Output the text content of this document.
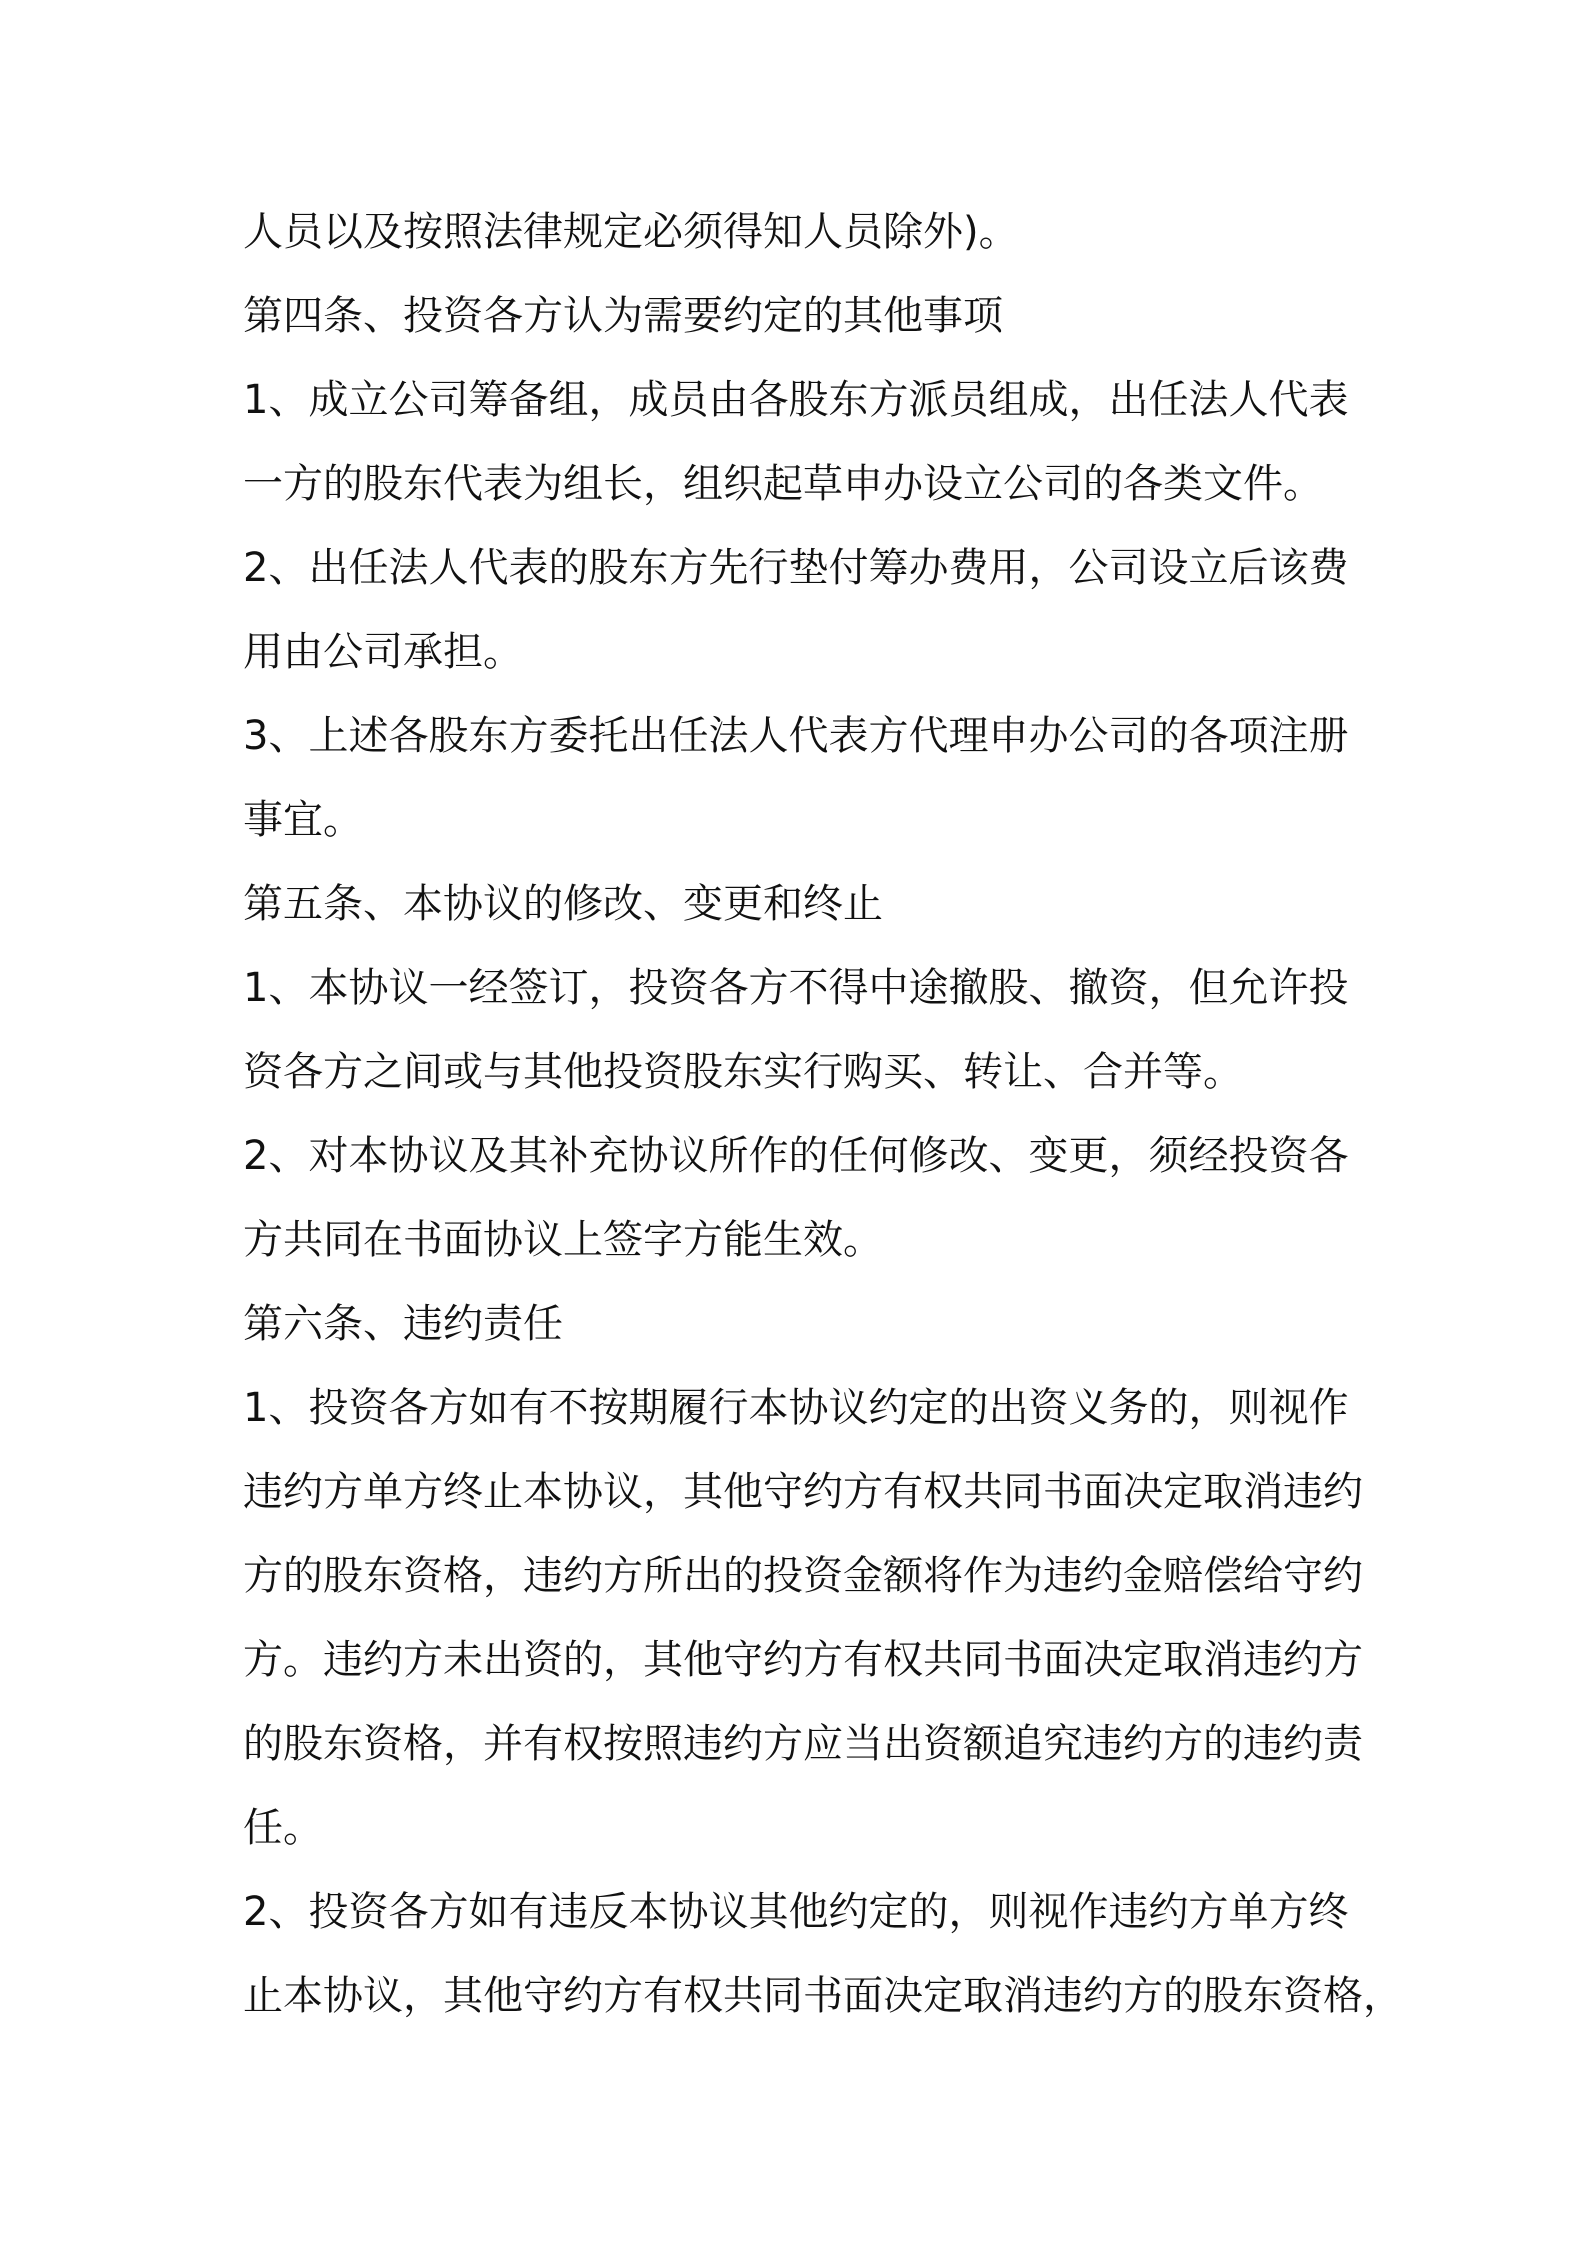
人员以及按照法律规定必须得知人员除外)。
第四条、投资各方认为需要约定的其他事项
1、成立公司筹备组，成员由各股东方派员组成，出任法人代表
一方的股东代表为组长，组织起草申办设立公司的各类文件。
2、出任法人代表的股东方先行垫付筹办费用，公司设立后该费
用由公司承担。
3、上述各股东方委托出任法人代表方代理申办公司的各项注册
事宜。
第五条、本协议的修改、变更和终止
1、本协议一经签订，投资各方不得中途撤股、撤资，但允许投
资各方之间或与其他投资股东实行购买、转让、合并等。
2、对本协议及其补充协议所作的任何修改、变更，须经投资各
方共同在书面协议上签字方能生效。
第六条、违约责任
1、投资各方如有不按期履行本协议约定的出资义务的，则视作
违约方单方终止本协议，其他守约方有权共同书面决定取消违约
方的股东资格，违约方所出的投资金额将作为违约金赔偿给守约
方。违约方未出资的，其他守约方有权共同书面决定取消违约方
的股东资格，并有权按照违约方应当出资额追究违约方的违约责
任。
2、投资各方如有违反本协议其他约定的，则视作违约方单方终
止本协议，其他守约方有权共同书面决定取消违约方的股东资格，
